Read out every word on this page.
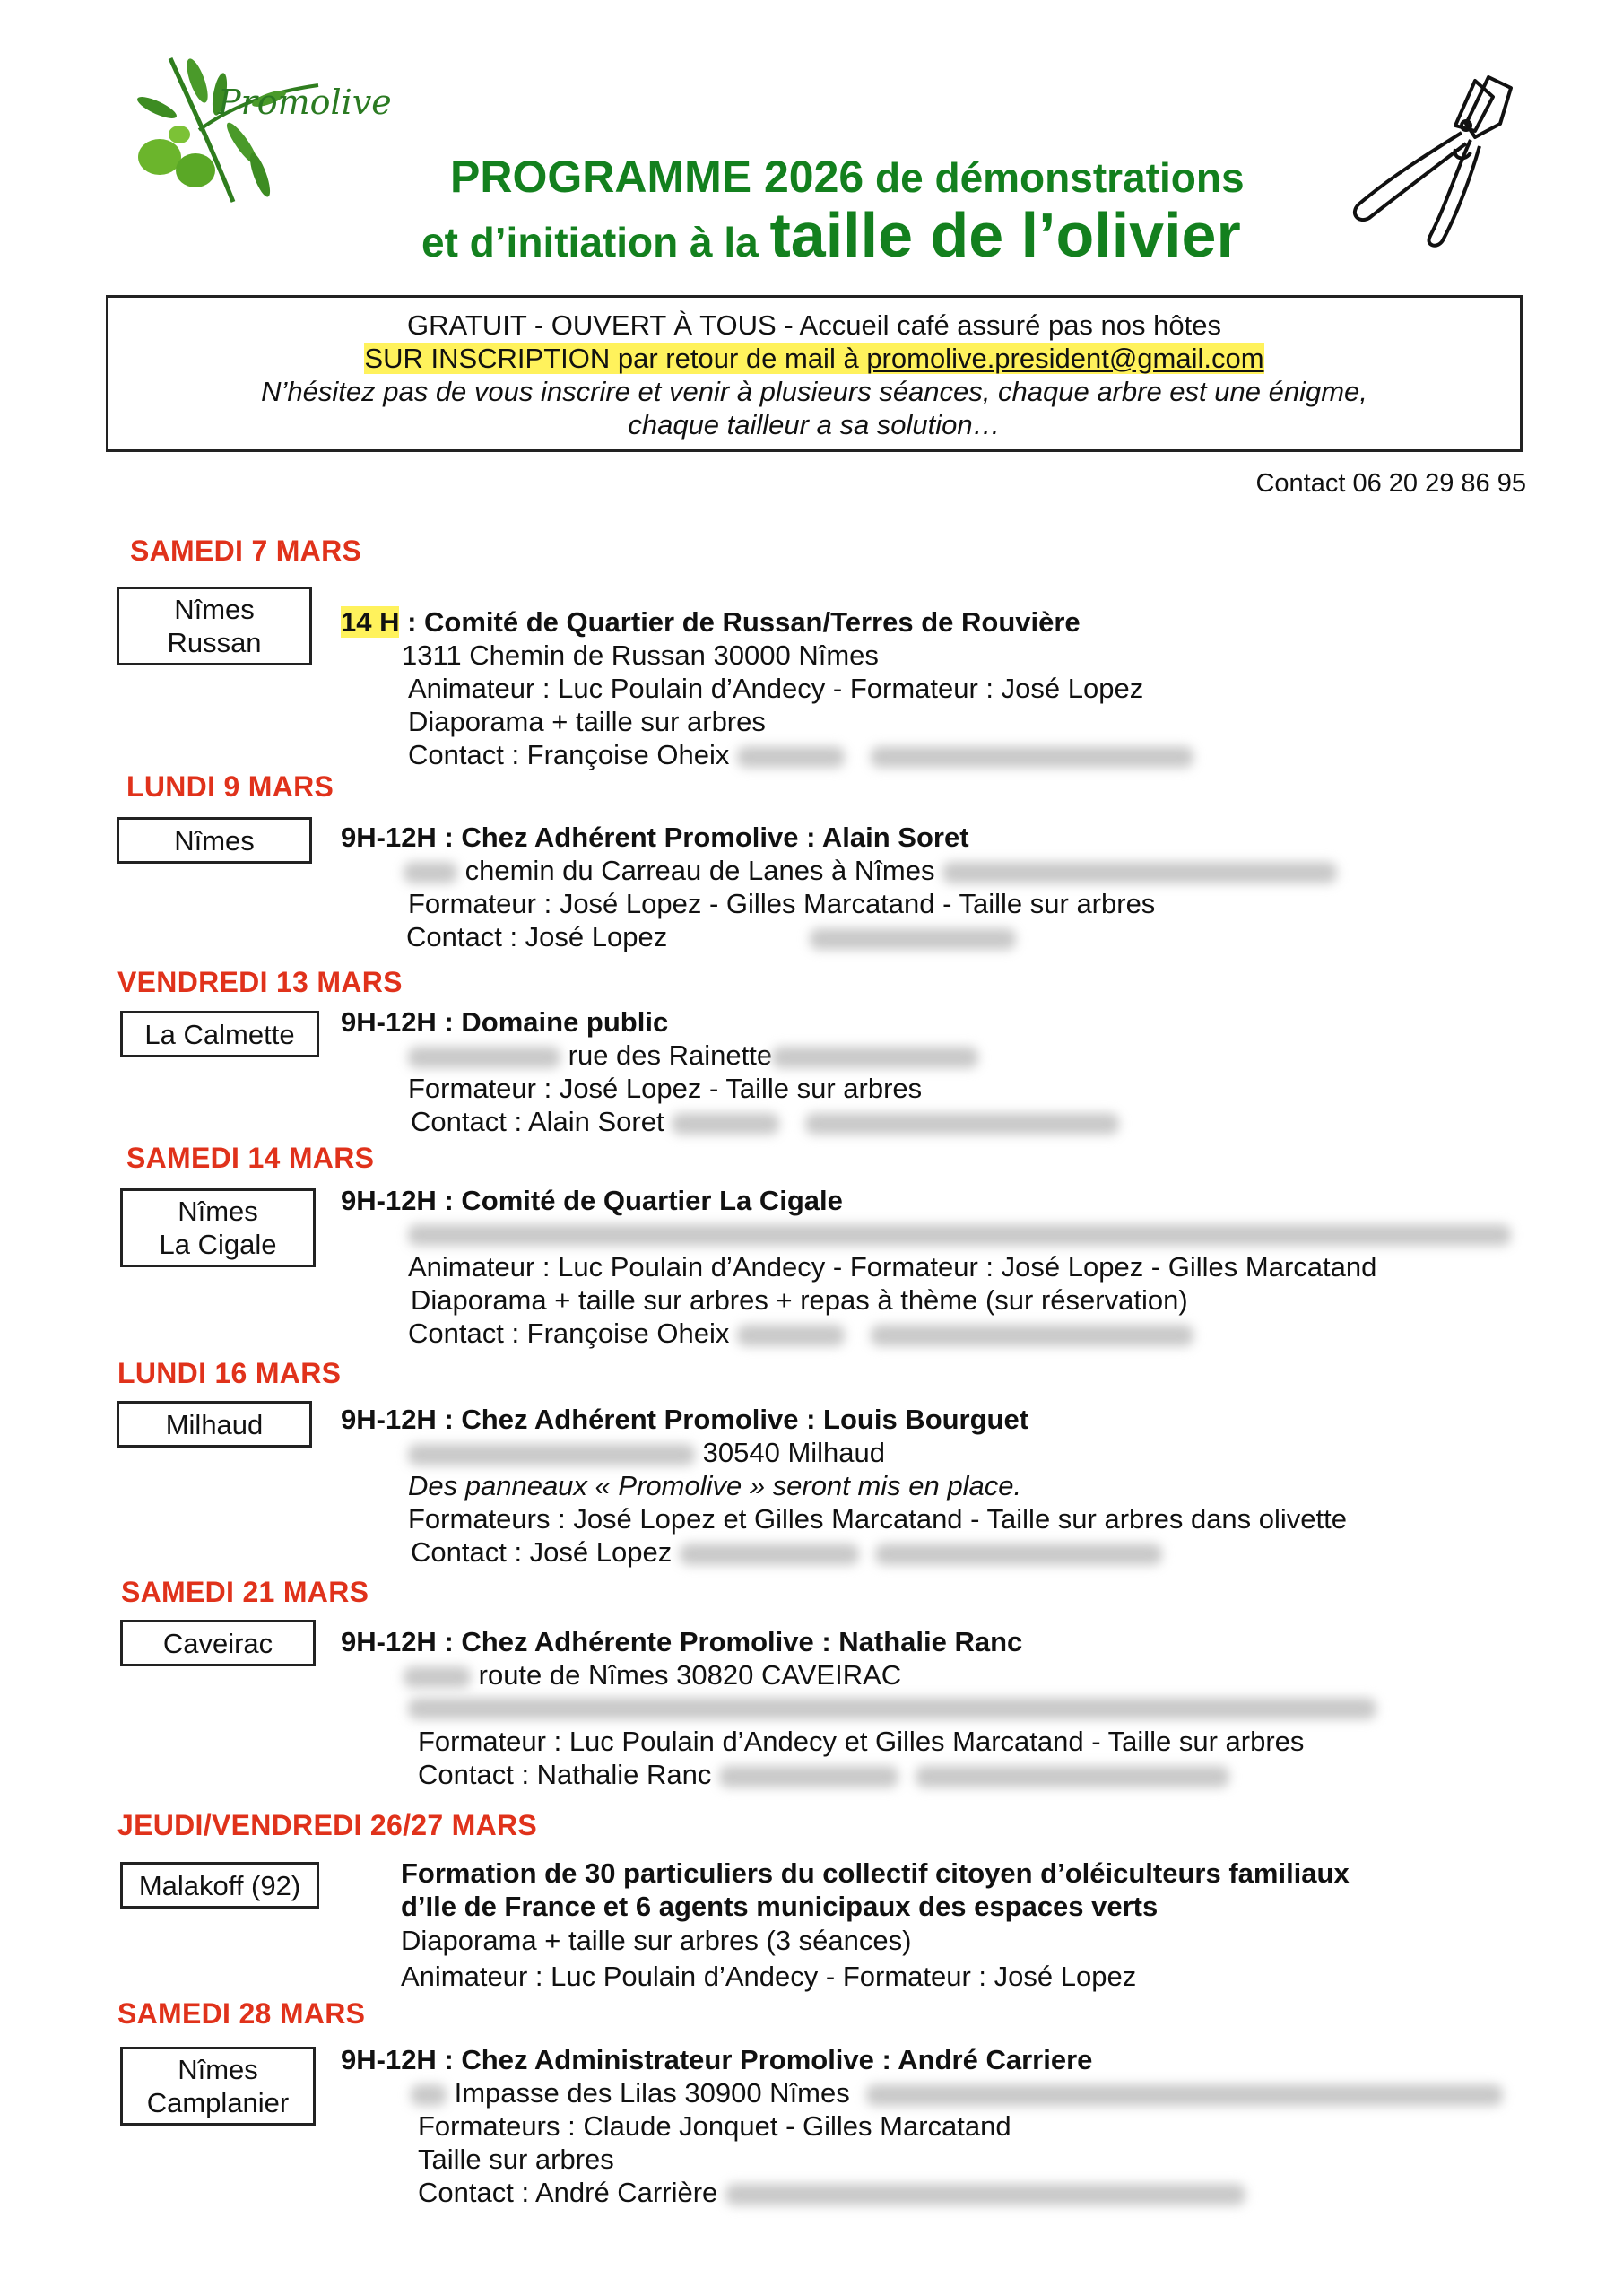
Promolive
PROGRAMME 2026 de démonstrations
et d’initiation à la taille de l’olivier
GRATUIT - OUVERT À TOUS - Accueil café assuré pas nos hôtes
SUR INSCRIPTION par retour de mail à promolive.president@gmail.com
N’hésitez pas de vous inscrire et venir à plusieurs séances, chaque arbre est une énigme,
chaque tailleur a sa solution…
Contact 06 20 29 86 95
SAMEDI 7 MARS
Nîmes
Russan
14 H : Comité de Quartier de Russan/Terres de Rouvière
1311 Chemin de Russan 30000 Nîmes
Animateur : Luc Poulain d’Andecy - Formateur : José Lopez
Diaporama + taille sur arbres
Contact : Françoise Oheix
LUNDI 9 MARS
Nîmes	9H-12H : Chez Adhérent Promolive : Alain Soret
chemin du Carreau de Lanes à Nîmes
Formateur : José Lopez - Gilles Marcatand - Taille sur arbres
Contact : José Lopez
VENDREDI 13 MARS
La Calmette	9H-12H : Domaine public
rue des Rainette
Formateur : José Lopez - Taille sur arbres
Contact : Alain Soret
SAMEDI 14 MARS
Nîmes
La Cigale
9H-12H : Comité de Quartier La Cigale
Animateur : Luc Poulain d’Andecy - Formateur : José Lopez - Gilles Marcatand
Diaporama + taille sur arbres + repas à thème (sur réservation)
Contact : Françoise Oheix
LUNDI 16 MARS
Milhaud	9H-12H : Chez Adhérent Promolive : Louis Bourguet
30540 Milhaud
Des panneaux « Promolive » seront mis en place.
Formateurs : José Lopez et Gilles Marcatand - Taille sur arbres dans olivette
Contact : José Lopez
SAMEDI 21 MARS
Caveirac	9H-12H : Chez Adhérente Promolive : Nathalie Ranc
route de Nîmes 30820 CAVEIRAC
Formateur : Luc Poulain d’Andecy et Gilles Marcatand - Taille sur arbres
Contact : Nathalie Ranc
JEUDI/VENDREDI 26/27 MARS
Malakoff (92)	Formation de 30 particuliers du collectif citoyen d’oléiculteurs familiaux
d’Ile de France et 6 agents municipaux des espaces verts
Diaporama + taille sur arbres (3 séances)
Animateur : Luc Poulain d’Andecy - Formateur : José Lopez
SAMEDI 28 MARS
Nîmes
Camplanier
9H-12H : Chez Administrateur Promolive : André Carriere
Impasse des Lilas 30900 Nîmes
Formateurs : Claude Jonquet - Gilles Marcatand
Taille sur arbres
Contact : André Carrière
